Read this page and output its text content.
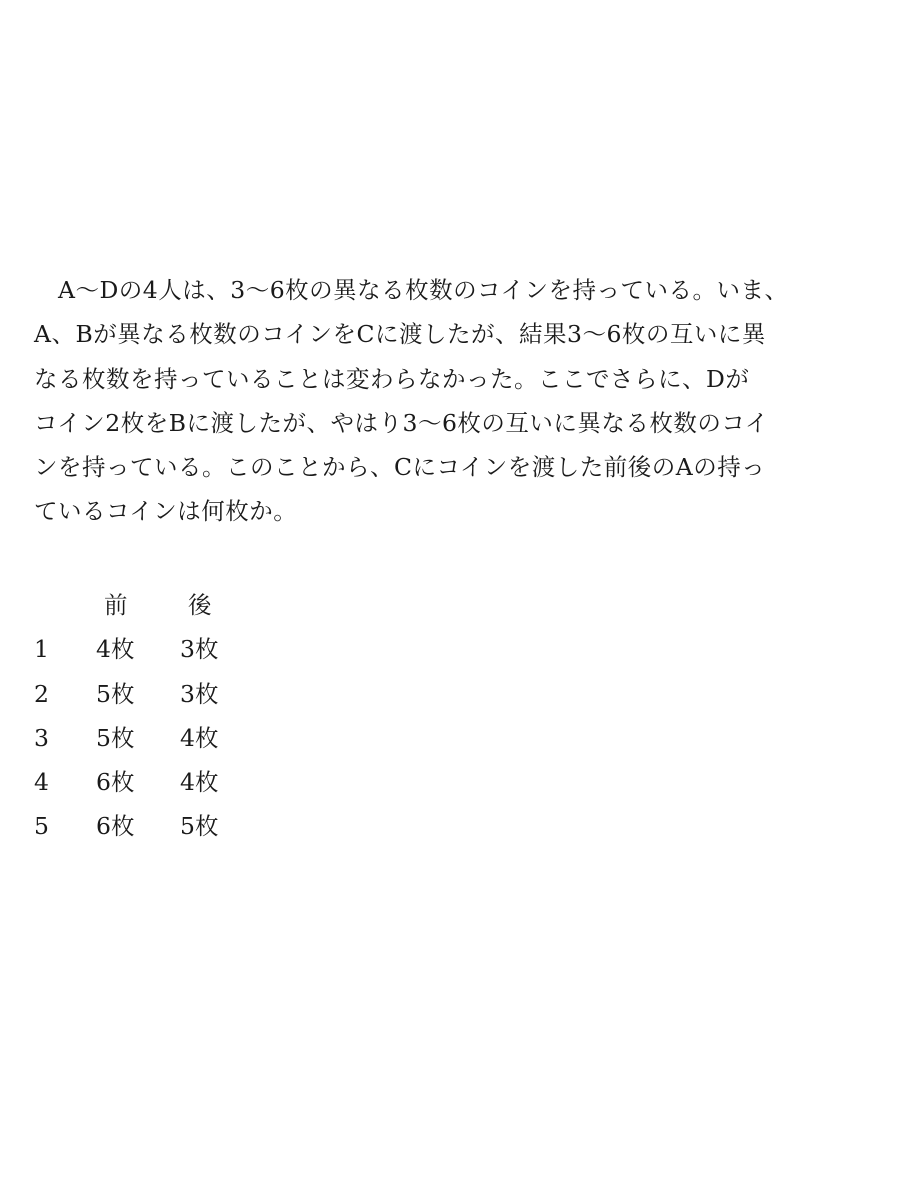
　A～Dの4人は、3～6枚の異なる枚数のコインを持っている。いま、
A、Bが異なる枚数のコインをCに渡したが、結果3～6枚の互いに異
なる枚数を持っていることは変わらなかった。ここでさらに、Dが
コイン2枚をBに渡したが、やはり3～6枚の互いに異なる枚数のコイ
ンを持っている。このことから、Cにコインを渡した前後のAの持っ
ているコインは何枚か。
	前	後
1	4枚	3枚
2	5枚	3枚
3	5枚	4枚
4	6枚	4枚
5	6枚	5枚
